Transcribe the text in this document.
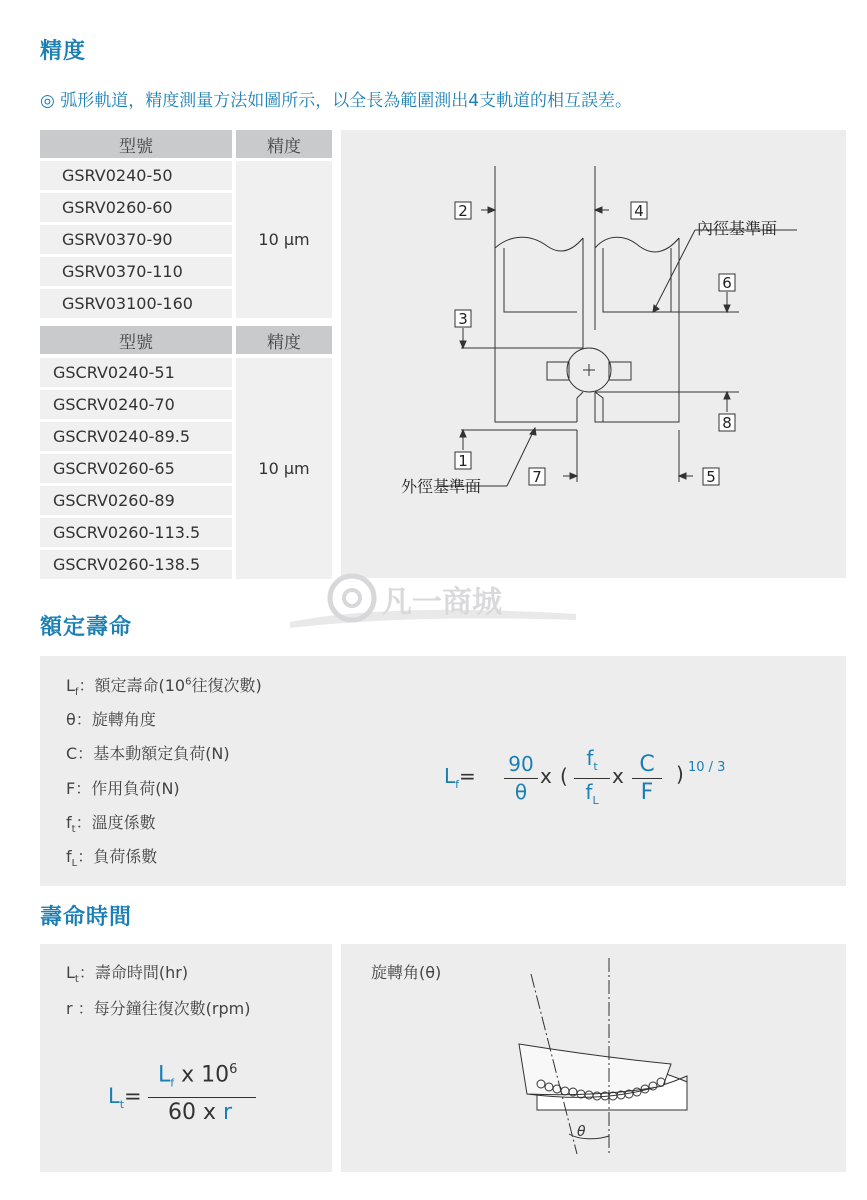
精度
◎ 弧形軌道，精度測量方法如圖所示，以全長為範圍測出4支軌道的相互誤差。
型號	精度
GSRV0240-50
GSRV0260-60
GSRV0370-90
GSRV0370-110
GSRV03100-160
10 μm
型號	精度
GSCRV0240-51
GSCRV0240-70
GSCRV0240-89.5
GSCRV0260-65
GSCRV0260-89
GSCRV0260-113.5
GSCRV0260-138.5
10 μm
2	4
3
6
8
1
7	5
內徑基準面
外徑基準面
凡一商城
額定壽命
$L_f$：額定壽命($10^6$往復次數)
θ：旋轉角度
C：基本動額定負荷(N)
F：作用負荷(N)
$f_t$：溫度係數
$f_L$：負荷係數
$L_f=$	90
θ
x (
$f_t$
$f_L$
x C
F
) 10 / 3
壽命時間
$L_t$：壽命時間(hr)
r ：每分鐘往復次數(rpm)
$L_t=$
$L_f$ x $10^6$
60 x r
旋轉角(θ)
θ
